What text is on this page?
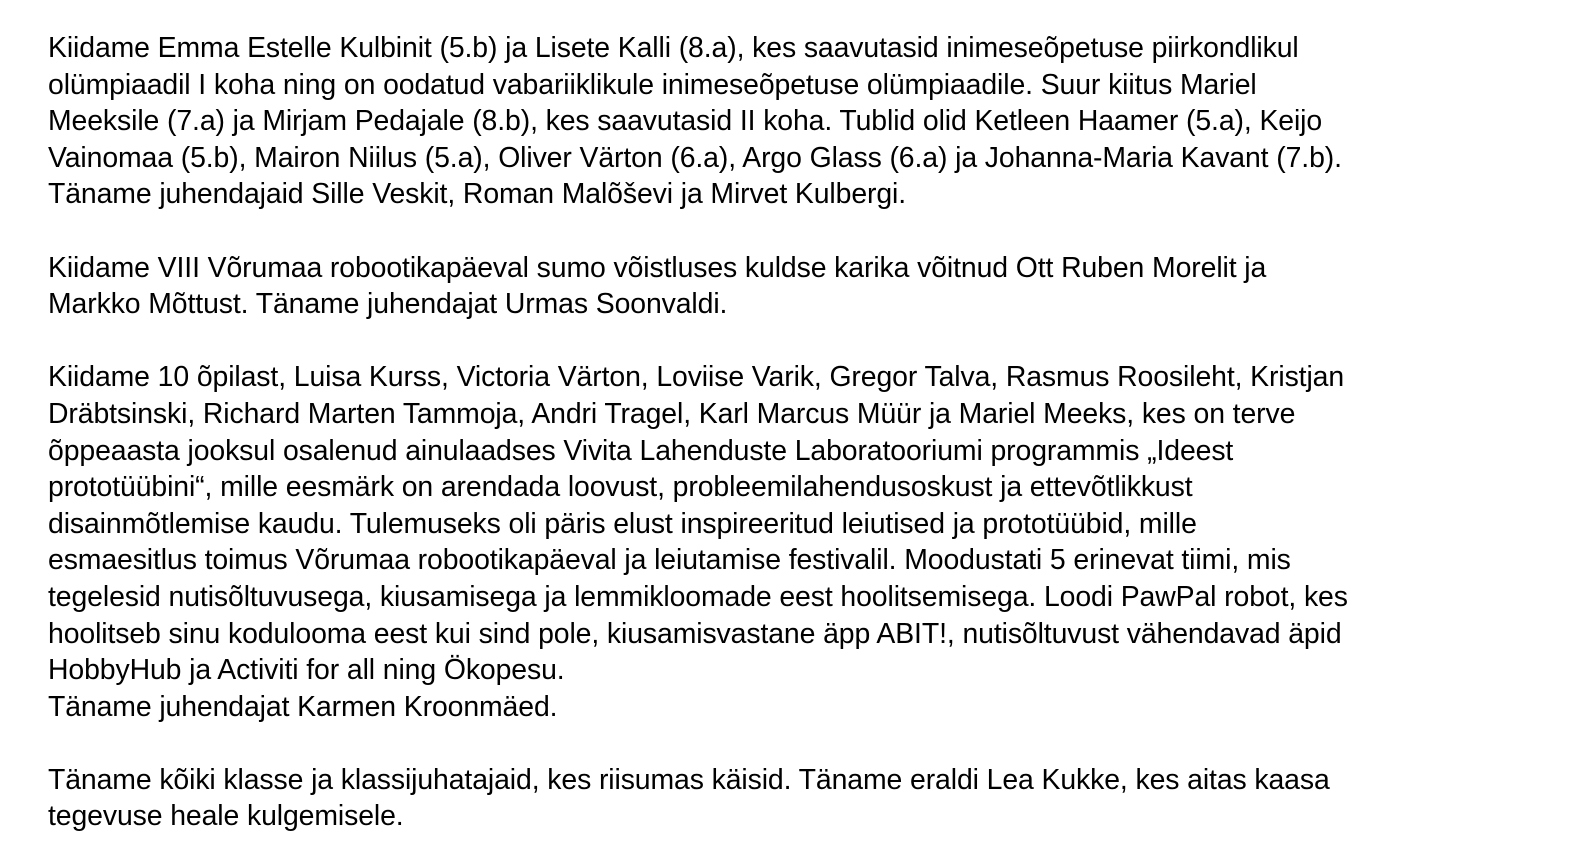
Kiidame Emma Estelle Kulbinit (5.b) ja Lisete Kalli (8.a), kes saavutasid inimeseõpetuse piirkondlikul
olümpiaadil I koha ning on oodatud vabariiklikule inimeseõpetuse olümpiaadile. Suur kiitus Mariel
Meeksile (7.a) ja Mirjam Pedajale (8.b), kes saavutasid II koha. Tublid olid Ketleen Haamer (5.a), Keijo
Vainomaa (5.b), Mairon Niilus (5.a), Oliver Värton (6.a), Argo Glass (6.a) ja Johanna-Maria Kavant (7.b).
Täname juhendajaid Sille Veskit, Roman Malõševi ja Mirvet Kulbergi.

Kiidame VIII Võrumaa robootikapäeval sumo võistluses kuldse karika võitnud Ott Ruben Morelit ja
Markko Mõttust. Täname juhendajat Urmas Soonvaldi.

Kiidame 10 õpilast, Luisa Kurss, Victoria Värton, Loviise Varik, Gregor Talva, Rasmus Roosileht, Kristjan
Dräbtsinski, Richard Marten Tammoja, Andri Tragel, Karl Marcus Müür ja Mariel Meeks, kes on terve
õppeaasta jooksul osalenud ainulaadses Vivita Lahenduste Laboratooriumi programmis „Ideest
prototüübini“, mille eesmärk on arendada loovust, probleemilahendusoskust ja ettevõtlikkust
disainmõtlemise kaudu. Tulemuseks oli päris elust inspireeritud leiutised ja prototüübid, mille
esmaesitlus toimus Võrumaa robootikapäeval ja leiutamise festivalil. Moodustati 5 erinevat tiimi, mis
tegelesid nutisõltuvusega, kiusamisega ja lemmikloomade eest hoolitsemisega. Loodi PawPal robot, kes
hoolitseb sinu kodulooma eest kui sind pole, kiusamisvastane äpp ABIT!, nutisõltuvust vähendavad äpid
HobbyHub ja Activiti for all ning Ökopesu.
Täname juhendajat Karmen Kroonmäed.

Täname kõiki klasse ja klassijuhatajaid, kes riisumas käisid. Täname eraldi Lea Kukke, kes aitas kaasa
tegevuse heale kulgemisele.
